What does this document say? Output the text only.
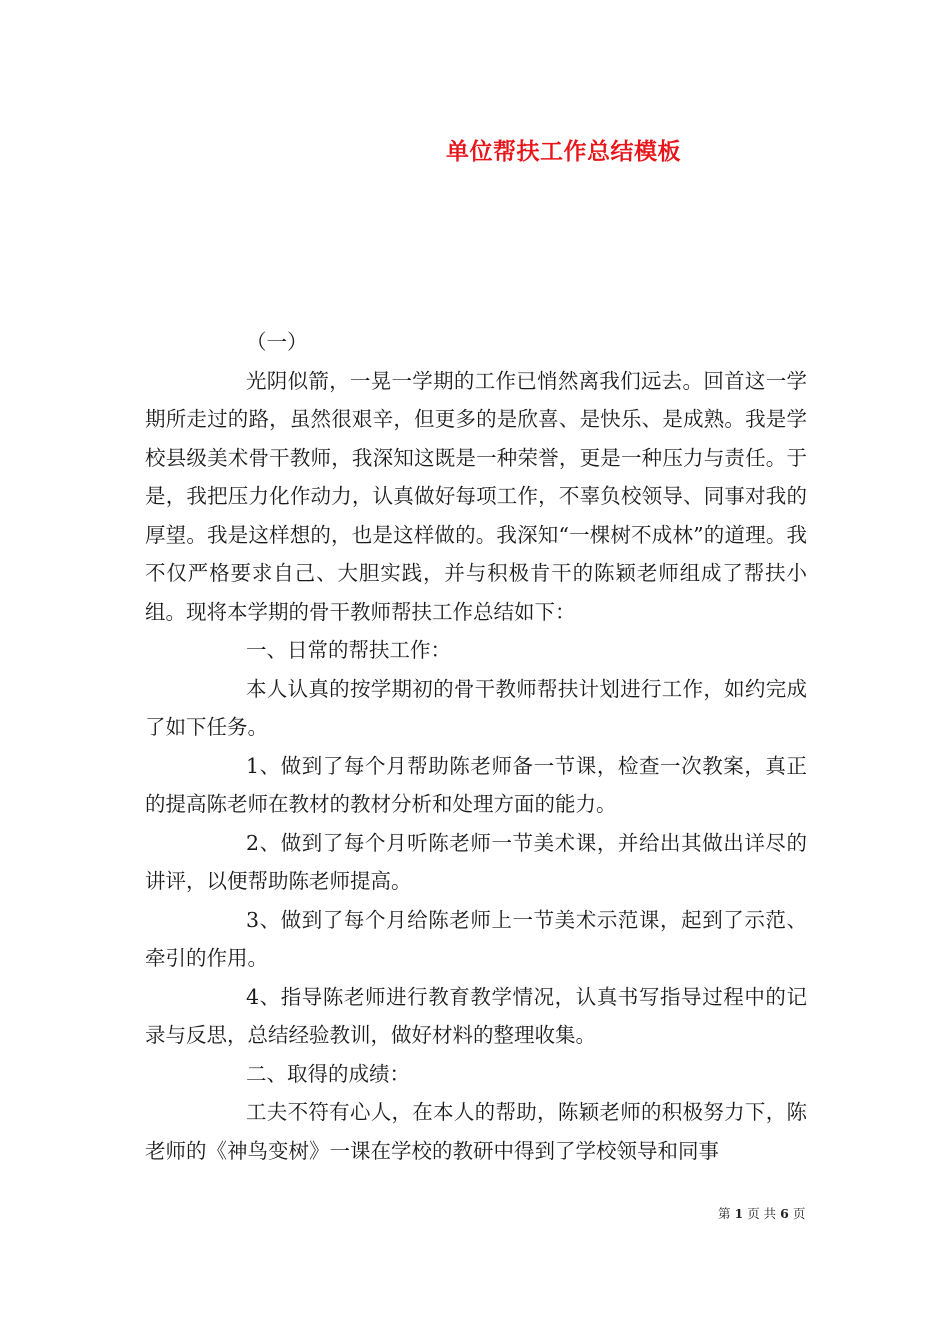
单位帮扶工作总结模板

（一）

光阴似箭，一晃一学期的工作已悄然离我们远去。回首这一学期所走过的路，虽然很艰辛，但更多的是欣喜、是快乐、是成熟。我是学校县级美术骨干教师，我深知这既是一种荣誉，更是一种压力与责任。于是，我把压力化作动力，认真做好每项工作，不辜负校领导、同事对我的厚望。我是这样想的，也是这样做的。我深知“一棵树不成林”的道理。我不仅严格要求自己、大胆实践，并与积极肯干的陈颖老师组成了帮扶小组。现将本学期的骨干教师帮扶工作总结如下：

一、日常的帮扶工作：

本人认真的按学期初的骨干教师帮扶计划进行工作，如约完成了如下任务。

1、做到了每个月帮助陈老师备一节课，检查一次教案，真正的提高陈老师在教材的教材分析和处理方面的能力。

2、做到了每个月听陈老师一节美术课，并给出其做出详尽的讲评，以便帮助陈老师提高。

3、做到了每个月给陈老师上一节美术示范课，起到了示范、牵引的作用。

4、指导陈老师进行教育教学情况，认真书写指导过程中的记录与反思，总结经验教训，做好材料的整理收集。

二、取得的成绩：

工夫不符有心人，在本人的帮助，陈颖老师的积极努力下，陈老师的《神鸟变树》一课在学校的教研中得到了学校领导和同事

第 1 页 共 6 页
